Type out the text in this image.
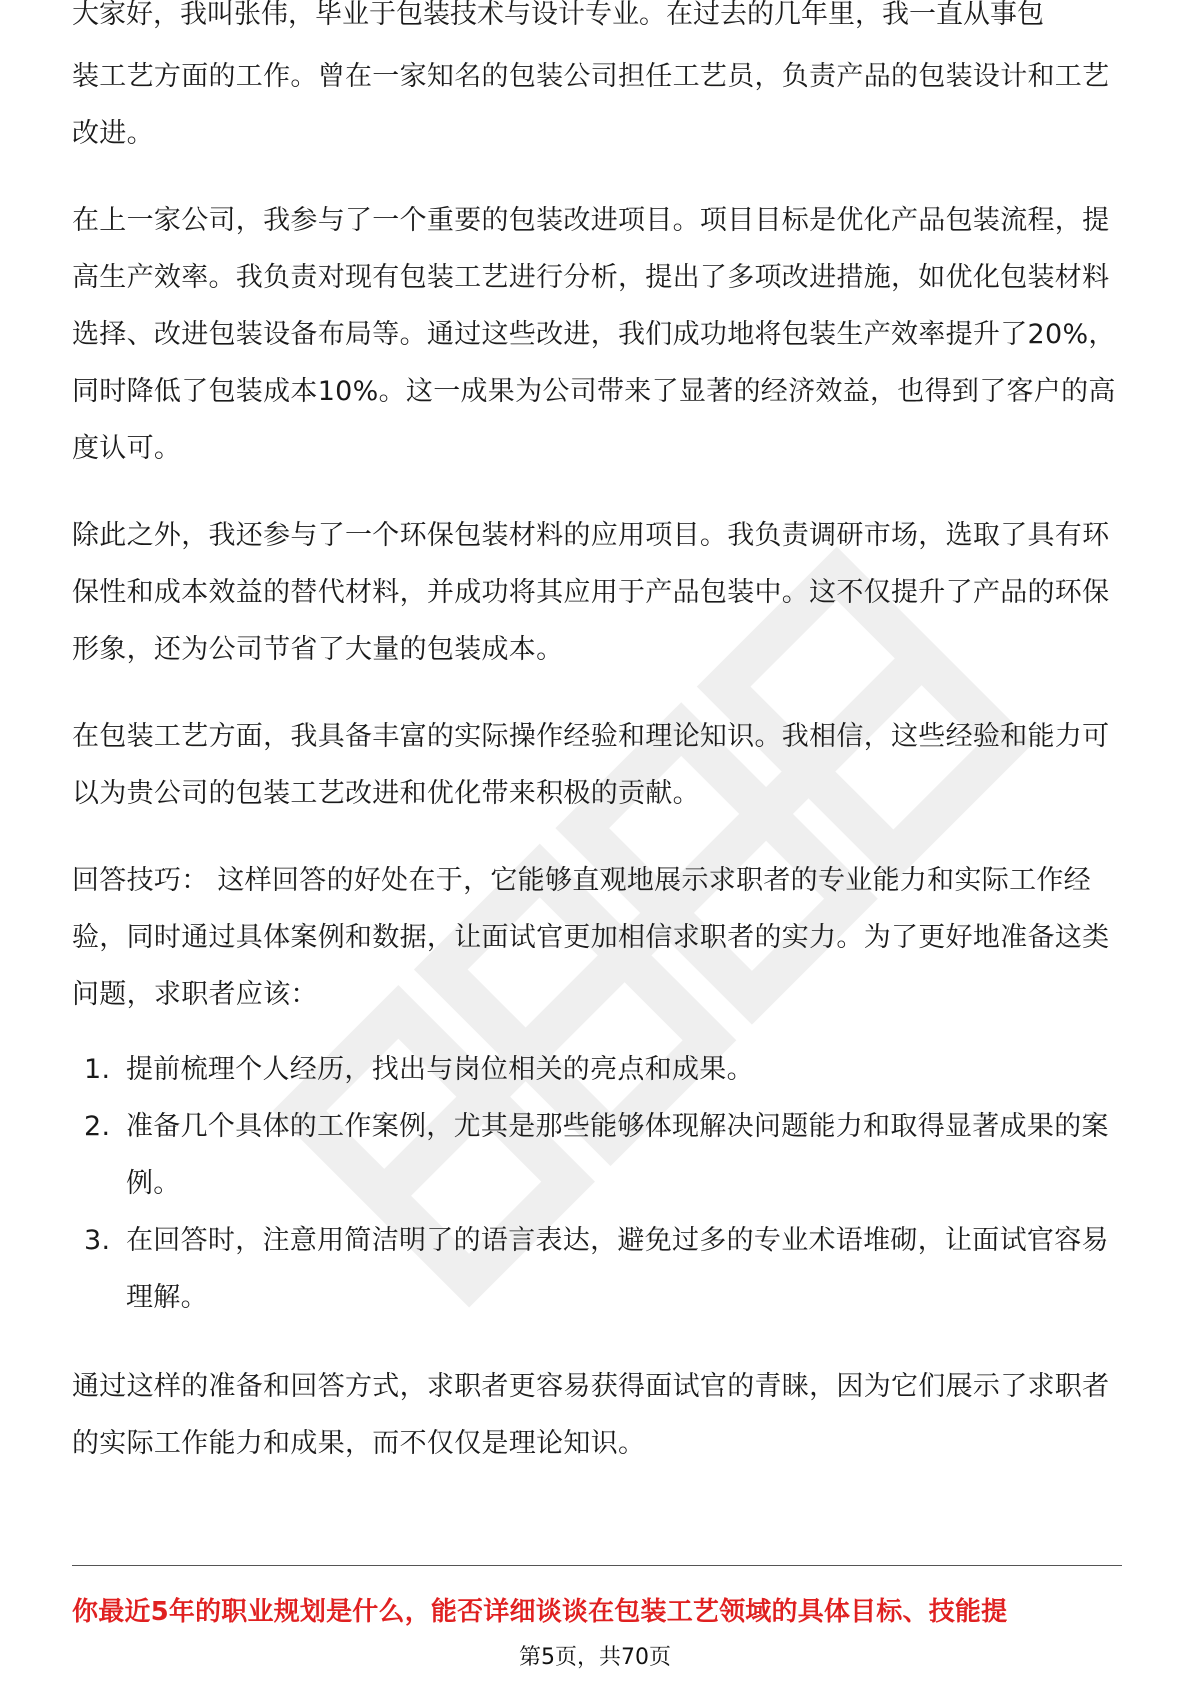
大家好，我叫张伟，毕业于包装技术与设计专业。在过去的几年里，我一直从事包

装工艺方面的工作。曾在一家知名的包装公司担任工艺员，负责产品的包装设计和工艺改进。

在上一家公司，我参与了一个重要的包装改进项目。项目目标是优化产品包装流程，提高生产效率。我负责对现有包装工艺进行分析，提出了多项改进措施，如优化包装材料选择、改进包装设备布局等。通过这些改进，我们成功地将包装生产效率提升了20%，同时降低了包装成本10%。这一成果为公司带来了显著的经济效益，也得到了客户的高度认可。

除此之外，我还参与了一个环保包装材料的应用项目。我负责调研市场，选取了具有环保性和成本效益的替代材料，并成功将其应用于产品包装中。这不仅提升了产品的环保形象，还为公司节省了大量的包装成本。

在包装工艺方面，我具备丰富的实际操作经验和理论知识。我相信，这些经验和能力可以为贵公司的包装工艺改进和优化带来积极的贡献。

回答技巧： 这样回答的好处在于，它能够直观地展示求职者的专业能力和实际工作经验，同时通过具体案例和数据，让面试官更加相信求职者的实力。为了更好地准备这类问题，求职者应该：

1. 提前梳理个人经历，找出与岗位相关的亮点和成果。
2. 准备几个具体的工作案例，尤其是那些能够体现解决问题能力和取得显著成果的案例。
3. 在回答时，注意用简洁明了的语言表达，避免过多的专业术语堆砌，让面试官容易理解。

通过这样的准备和回答方式，求职者更容易获得面试官的青睐，因为它们展示了求职者的实际工作能力和成果，而不仅仅是理论知识。

你最近5年的职业规划是什么，能否详细谈谈在包装工艺领域的具体目标、技能提
第5页，共70页
